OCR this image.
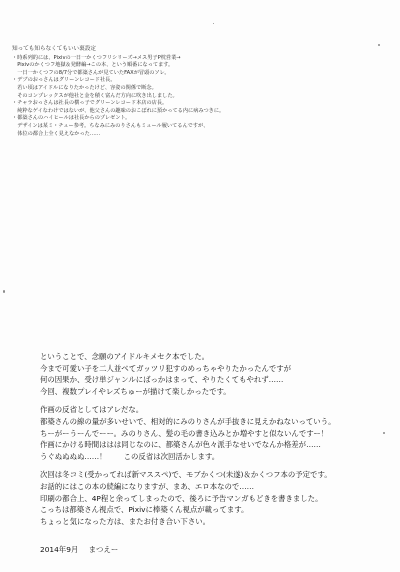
知っても知らなくてもいい裏設定
・時系列的には、Pixivの一日一かくつフリシリーズ→メス男子P枕営業→
　Pixivのかくつフ地獄＆発酵編→この本、という順番になってます。
　一日一かくつフの8/7分で都築さんが見ていたFAXが冒頭のソレ。
・デブのおっさんはグリーンレコード社長。
　若い頃はアイドルになりたかったけど、容姿の関係で断念。
　そのコンプレックスが他社と金を積く富んだ方向に吹き出しました。
・チャラおっさんは社長の横っ子でグリーンレコード本店の店長。
　純粋なゲイなわけではないが、他父さんの趣味のおこぼれに預かってる内に病みつきに。
・都築さんのハイヒールは社長からのプレゼント。
　デザインは某ミ・チュー参考。ちなみにみのりさんもミュール履いてるんですが、
　体位の都合上全く見えなかった……
ということで、念願のアイドルキメセク本でした。
今まで可愛い子を二人並べてガッツリ犯すのめっちゃやりたかったんですが
何の因果か、受け単ジャンルにばっかはまって、やりたくてもやれず……
今回、複数プレイやレズちゅーが描けて楽しかったです。
作画の反省としてはアレだな。
都築さんの線の量が多いせいで、相対的にみのりさんが手抜きに見えかねないっていう。
ちーがーうーんでーー。みのりさん、髪の毛の書き込みとか増やすと似ないんですー！
作画にかける時間ははは同じなのに、都築さんが色々派手なせいでなんか格差が……
うぐぬぬぬぬ……！ 　　この反省は次回活かします。
次回は冬コミ(受かってれば新マススペ)で、モブかくつ(未遂)＆かくつフ本の予定です。
お話的にはこの本の続編になりますが、まあ、エロ本なので……
印刷の都合上、4P程と余ってしまったので、後ろに予告マンガもどきを書きました。
こっちは都築さん視点で、Pixivに棒築くん視点が載ってます。
ちょっと気になった方は、またお付き合い下さい。
2014年9月 まつえー
